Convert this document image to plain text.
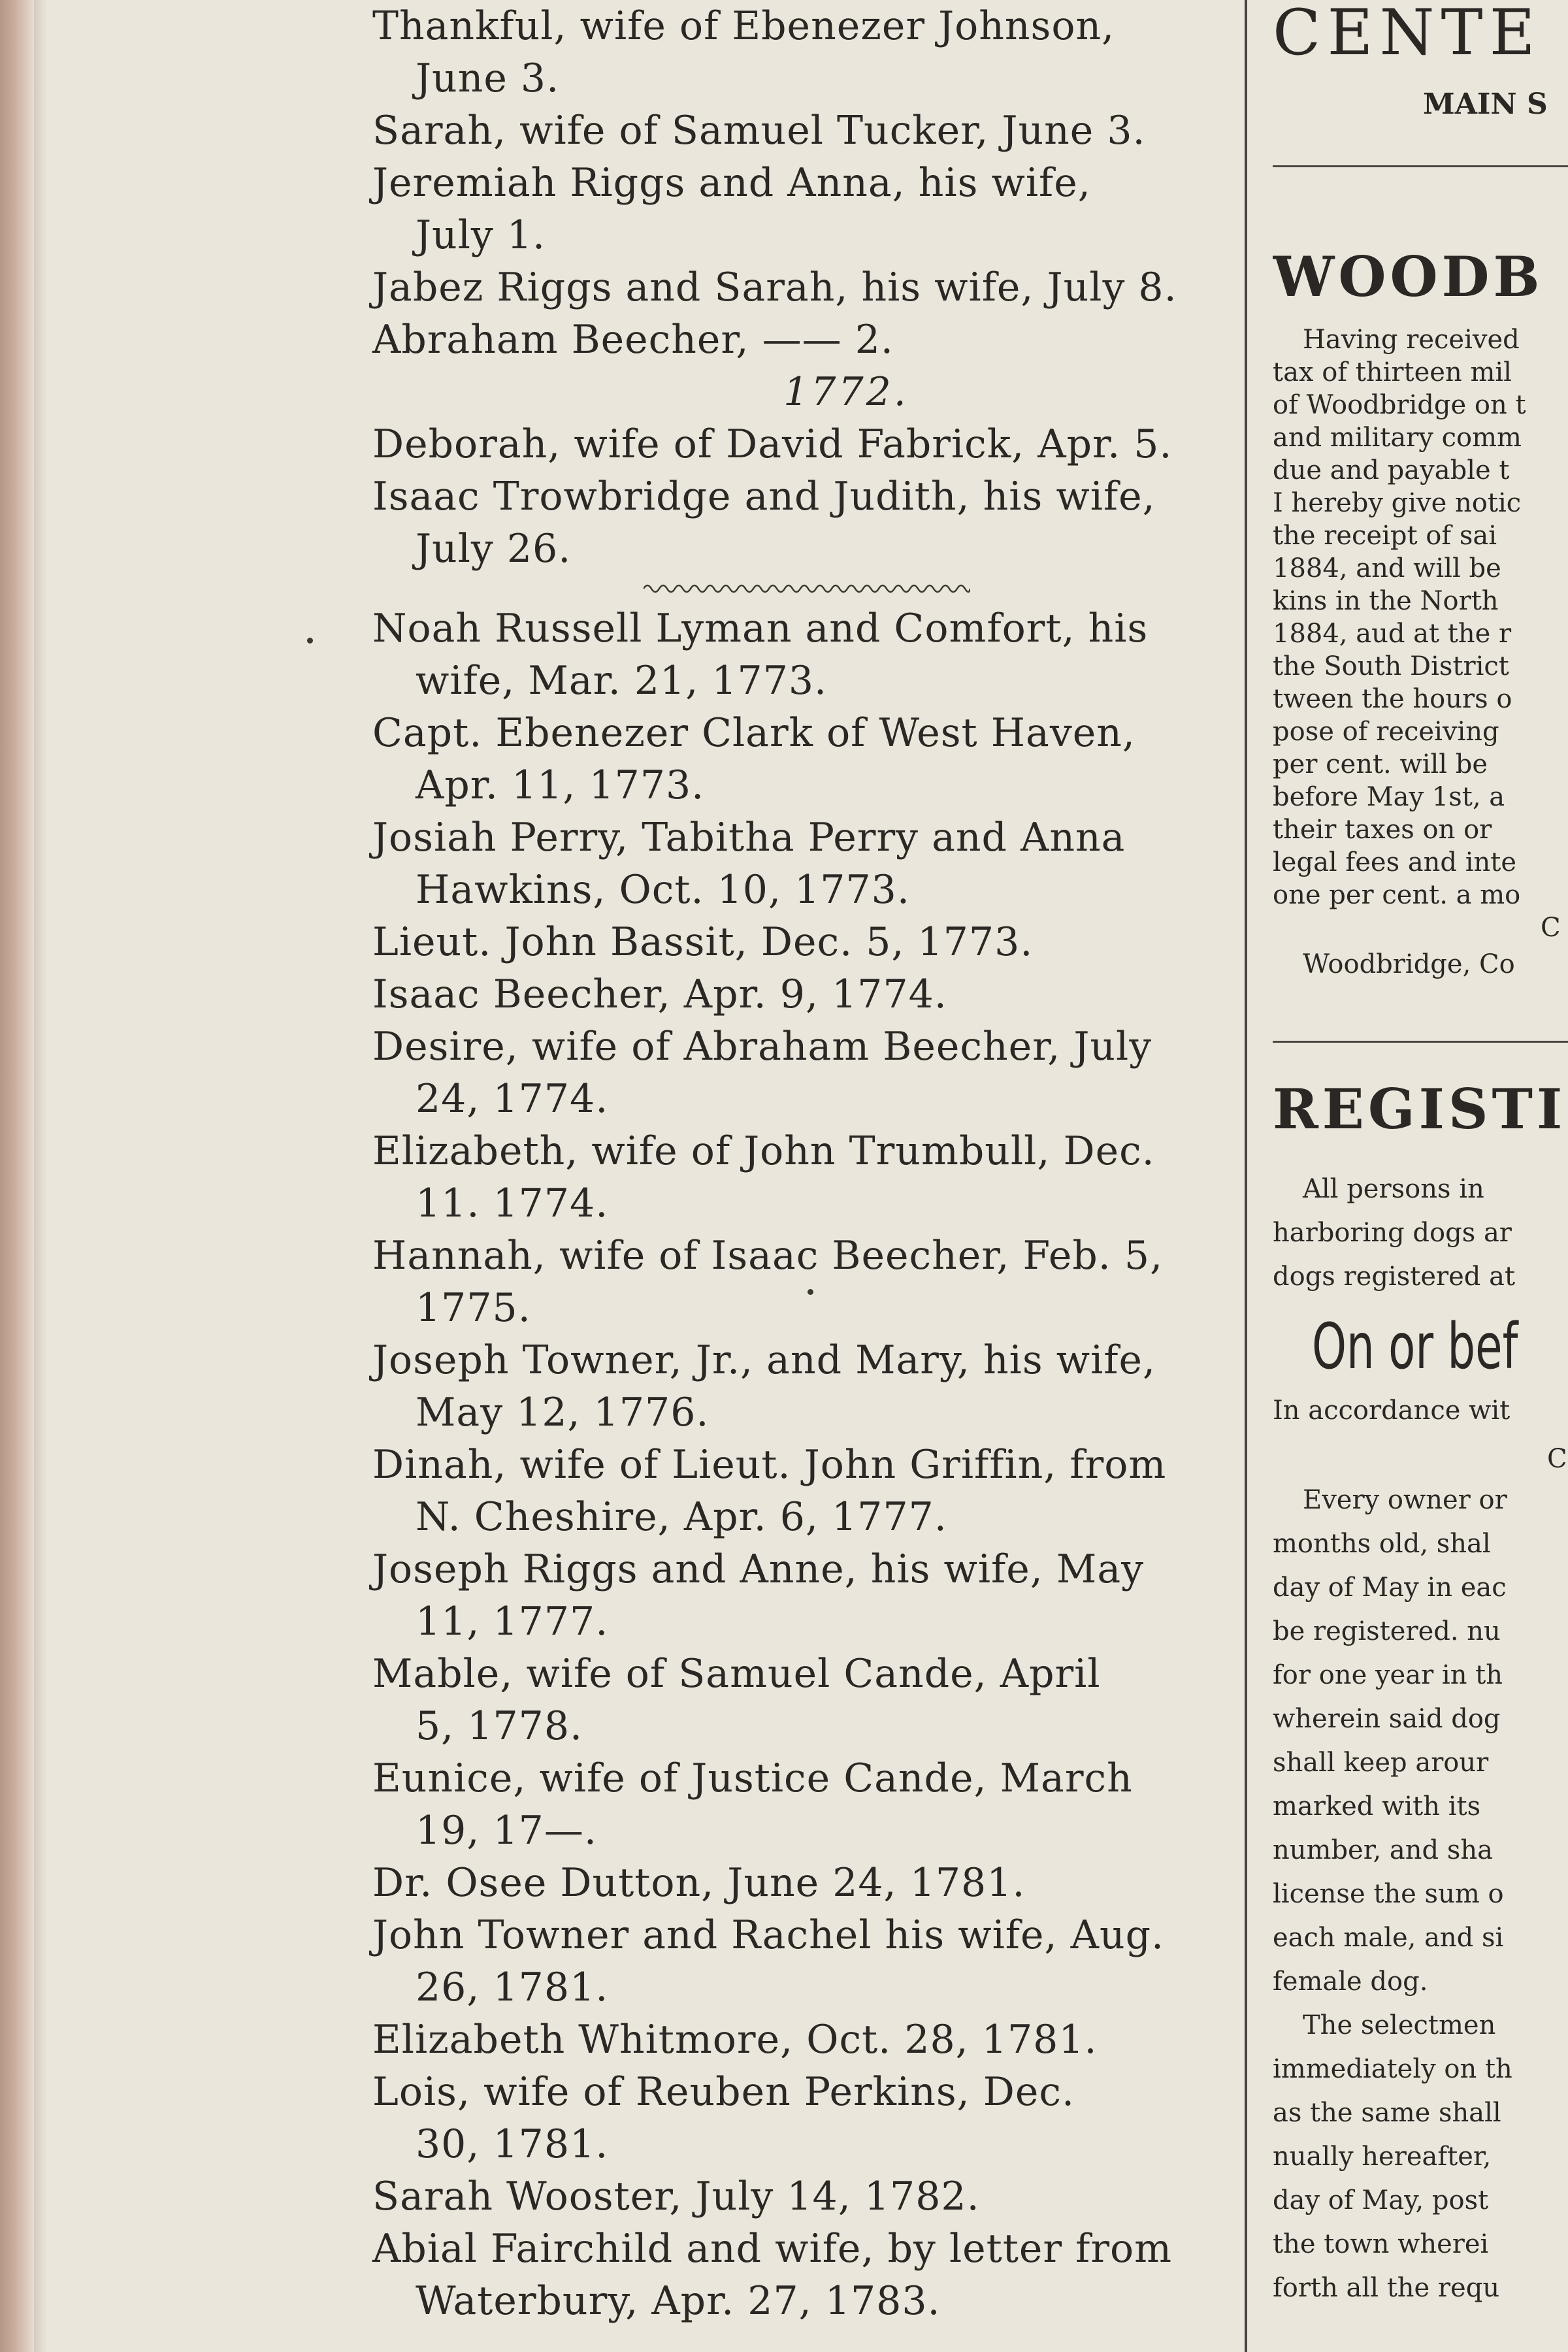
Thankful, wife of Ebenezer Johnson,
June 3.

Sarah, wife of Samuel Tucker, June 3.

Jeremiah Riggs and Anna, his wife,
July 1.

Jabez Riggs and Sarah, his wife, July 8.

Abraham Beecher, —— 2.

1772.

Deborah, wife of David Fabrick, Apr. 5.

Isaac Trowbridge and Judith, his wife,
July 26.

Noah Russell Lyman and Comfort, his
wife, Mar. 21, 1773.

Capt. Ebenezer Clark of West Haven,
Apr. 11, 1773.

Josiah Perry, Tabitha Perry and Anna
Hawkins, Oct. 10, 1773.

Lieut. John Bassit, Dec. 5, 1773.

Isaac Beecher, Apr. 9, 1774.

Desire, wife of Abraham Beecher, July
24, 1774.

Elizabeth, wife of John Trumbull, Dec.
11. 1774.

Hannah, wife of Isaac Beecher, Feb. 5,
1775.

Joseph Towner, Jr., and Mary, his wife,
May 12, 1776.

Dinah, wife of Lieut. John Griffin, from
N. Cheshire, Apr. 6, 1777.

Joseph Riggs and Anne, his wife, May
11, 1777.

Mable, wife of Samuel Cande, April
5, 1778.

Eunice, wife of Justice Cande, March
19, 17—.

Dr. Osee Dutton, June 24, 1781.

John Towner and Rachel his wife, Aug.
26, 1781.

Elizabeth Whitmore, Oct. 28, 1781.

Lois, wife of Reuben Perkins, Dec.
30, 1781.

Sarah Wooster, July 14, 1782.

Abial Fairchild and wife, by letter from
Waterbury, Apr. 27, 1783.

CENTE

MAIN S

WOODB

Having received

tax of thirteen mil

of Woodbridge on t

and military comm

due and payable t

I hereby give notic

the receipt of sai

1884, and will be

kins in the North

1884, aud at the r

the South District

tween the hours o

pose of receiving

per cent. will be

before May 1st, a

their taxes on or

legal fees and inte

one per cent. a mo

C

Woodbridge, Co

REGISTI

All persons in

harboring dogs ar

dogs registered at

On or bef

In accordance wit

C

Every owner or

months old, shal

day of May in eac

be registered. nu

for one year in th

wherein said dog

shall keep arour

marked with its

number, and sha

license the sum o

each male, and si

female dog.

The selectmen

immediately on th

as the same shall

nually hereafter,

day of May, post

the town wherei

forth all the requ
